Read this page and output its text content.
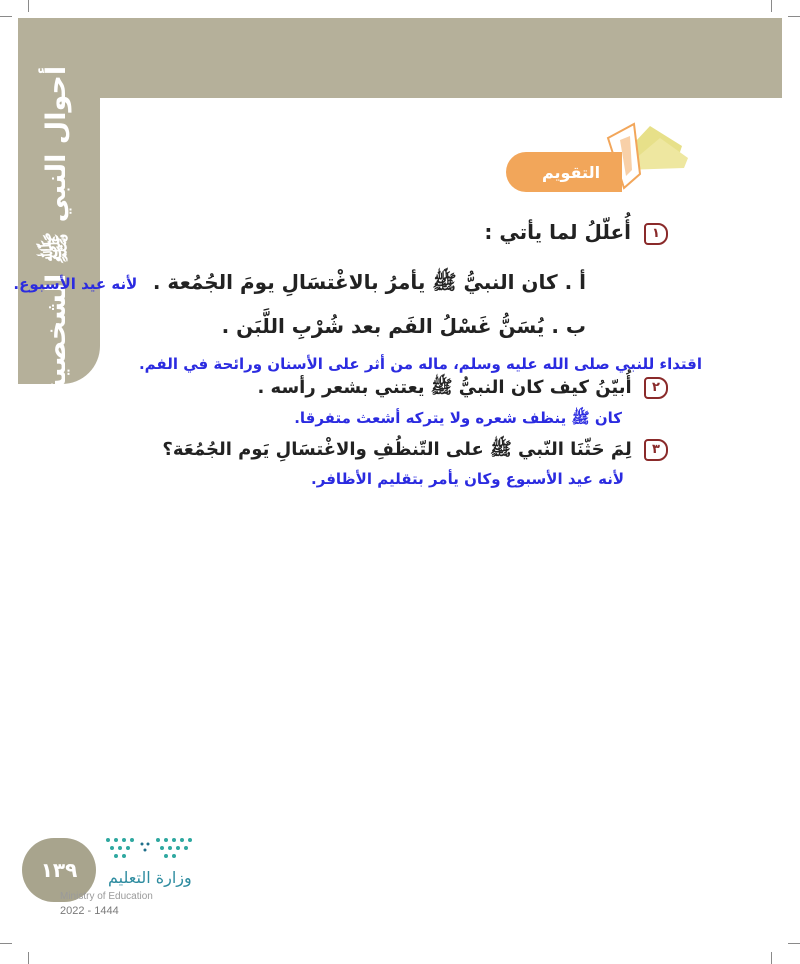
أحوال النبي ﷺ الشخصية	التقويم
١ أُعلّلُ لما يأتي :
أ . كان النبيُّ ﷺ يأمرُ بالاغْتسَالِ يومَ الجُمُعة . لأنه عيد الأسبوع.
ب . يُسَنُّ غَسْلُ الفَم بعد شُرْبِ اللَّبَن .
اقتداء للنبي صلى الله عليه وسلم، ماله من أثر على الأسنان ورائحة في الفم.
٢ أُبيّنُ كيف كان النبيُّ ﷺ يعتني بشعر رأسه .
كان ﷺ ينظف شعره ولا يتركه أشعث متفرقا.
٣ لِمَ حَثّنَا النّبي ﷺ على التّنظُفِ والاغْتسَالِ يَوم الجُمُعَة؟
لأنه عيد الأسبوع وكان يأمر بتقليم الأظافر.
١٣٩ وزارة التعليم
Ministry of Education
2022 - 1444
